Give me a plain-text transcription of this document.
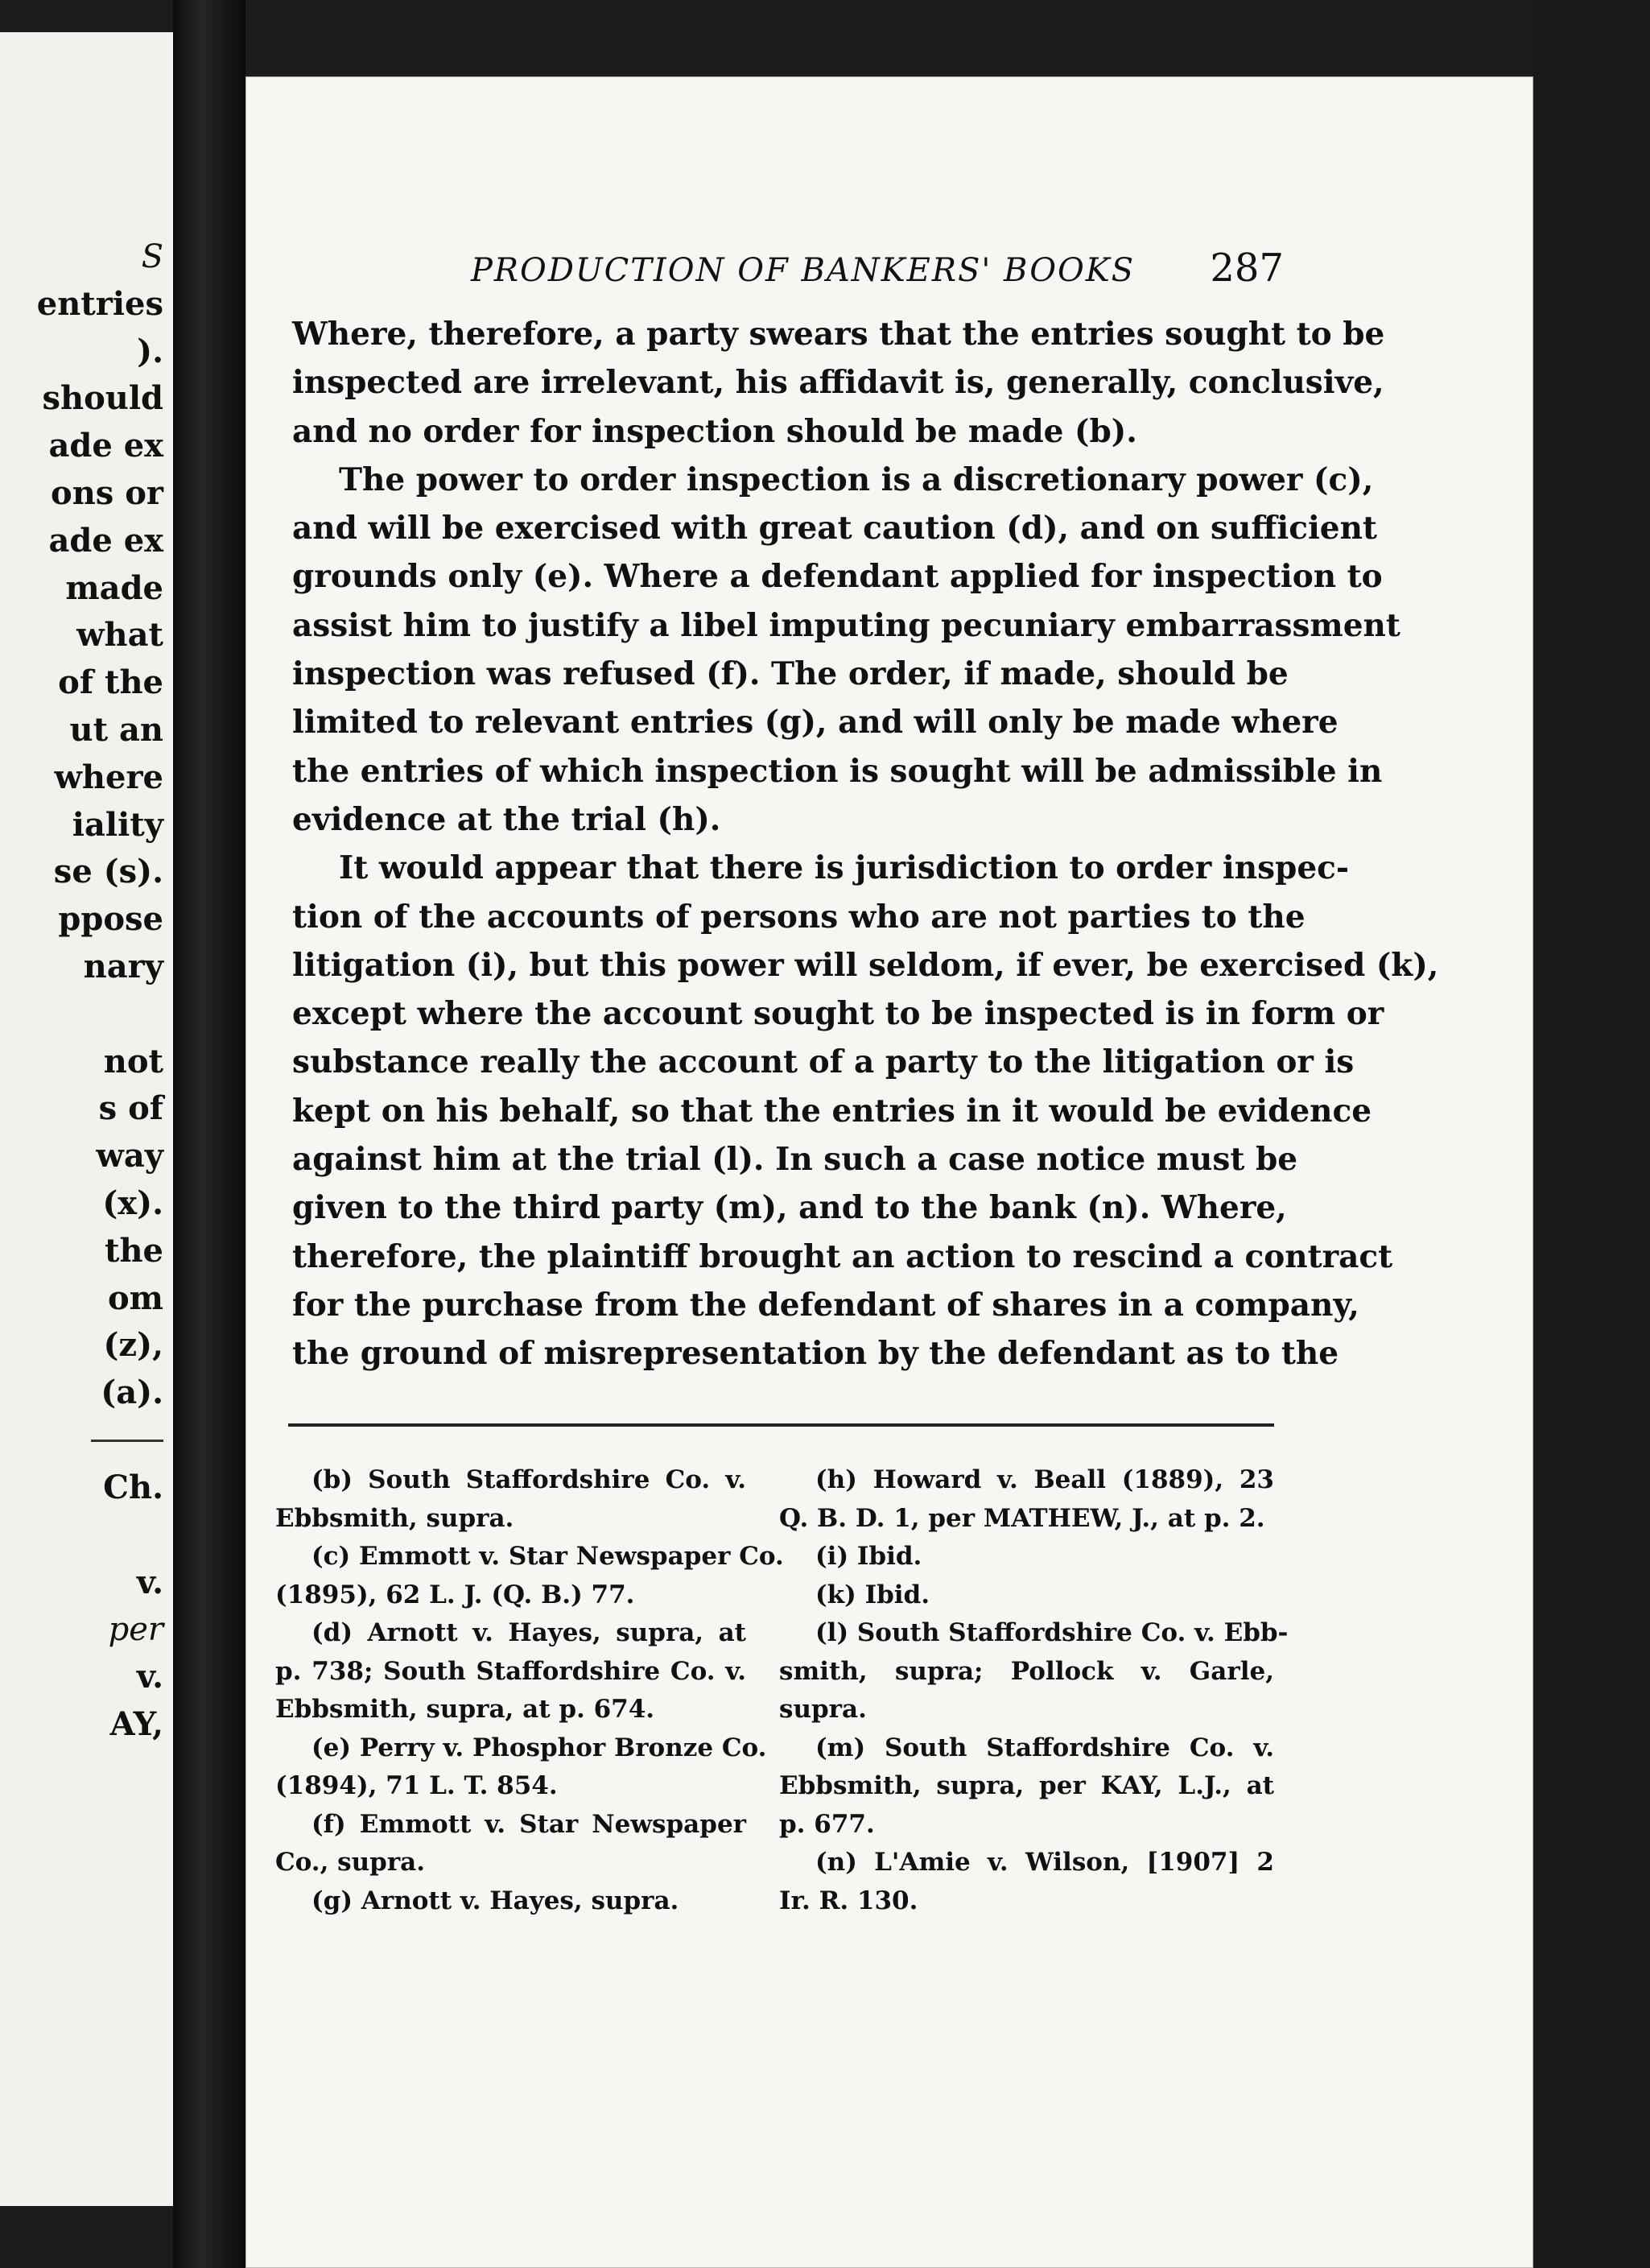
S
entries
).
should
ade ex
ons or
ade ex
made
what
of the
ut an
where
iality
se (s).
ppose
nary
not
s of
way
(x).
the
om
(z),
(a).
Ch.
v.
per
v.
AY,
PRODUCTION OF BANKERS' BOOKS 287

Where, therefore, a party swears that the entries sought to be
inspected are irrelevant, his affidavit is, generally, conclusive,
and no order for inspection should be made (b).

The power to order inspection is a discretionary power (c),
and will be exercised with great caution (d), and on sufficient
grounds only (e). Where a defendant applied for inspection to
assist him to justify a libel imputing pecuniary embarrassment
inspection was refused (f). The order, if made, should be
limited to relevant entries (g), and will only be made where
the entries of which inspection is sought will be admissible in
evidence at the trial (h).

It would appear that there is jurisdiction to order inspec-
tion of the accounts of persons who are not parties to the
litigation (i), but this power will seldom, if ever, be exercised (k),
except where the account sought to be inspected is in form or
substance really the account of a party to the litigation or is
kept on his behalf, so that the entries in it would be evidence
against him at the trial (l). In such a case notice must be
given to the third party (m), and to the bank (n). Where,
therefore, the plaintiff brought an action to rescind a contract
for the purchase from the defendant of shares in a company,
the ground of misrepresentation by the defendant as to the

(b) South Staffordshire Co. v.
Ebbsmith, supra.
(c) Emmott v. Star Newspaper Co.
(1895), 62 L. J. (Q. B.) 77.
(d) Arnott v. Hayes, supra, at
p. 738; South Staffordshire Co. v.
Ebbsmith, supra, at p. 674.
(e) Perry v. Phosphor Bronze Co.
(1894), 71 L. T. 854.
(f) Emmott v. Star Newspaper
Co., supra.
(g) Arnott v. Hayes, supra.
(h) Howard v. Beall (1889), 23
Q. B. D. 1, per MATHEW, J., at p. 2.
(i) Ibid.
(k) Ibid.
(l) South Staffordshire Co. v. Ebb-
smith, supra; Pollock v. Garle,
supra.
(m) South Staffordshire Co. v.
Ebbsmith, supra, per KAY, L.J., at
p. 677.
(n) L'Amie v. Wilson, [1907] 2
Ir. R. 130.
